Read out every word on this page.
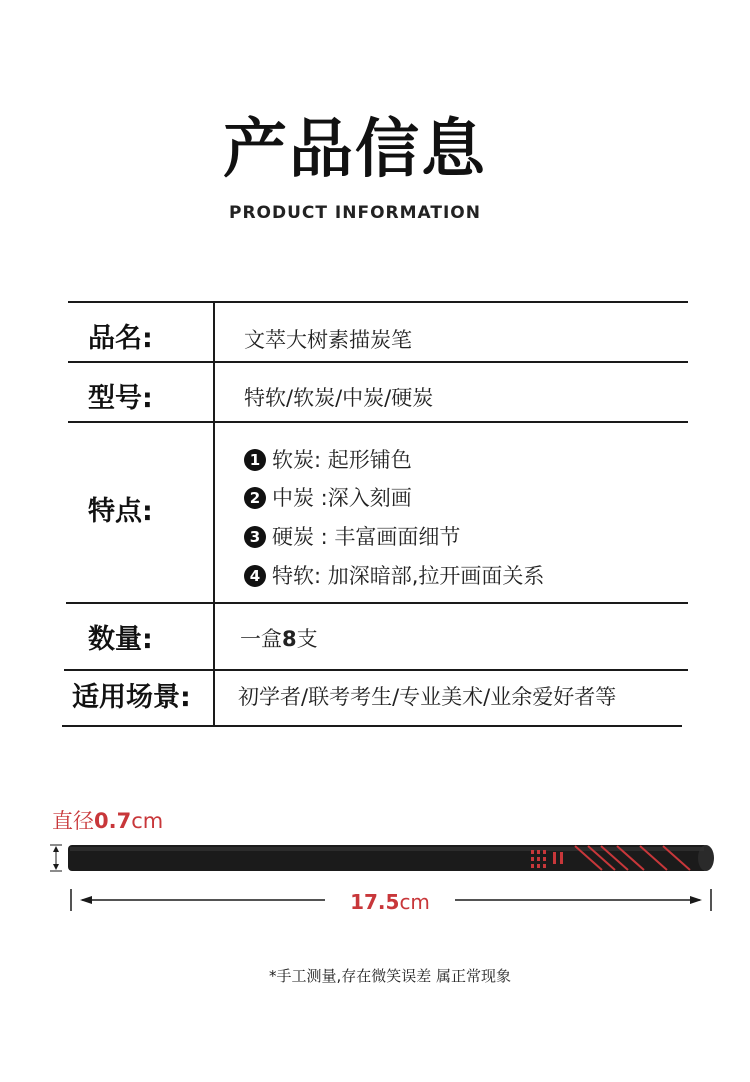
产品信息
PRODUCT INFORMATION
品名:	文萃大树素描炭笔
型号:	特软/软炭/中炭/硬炭
特点:
1 软炭: 起形铺色
2 中炭 :深入刻画
3 硬炭 : 丰富画面细节
4 特软: 加深暗部,拉开画面关系
数量:	一盒8支
适用场景: 初学者/联考考生/专业美术/业余爱好者等
直径0.7cm
17.5cm
*手工测量,存在微笑误差 属正常现象
